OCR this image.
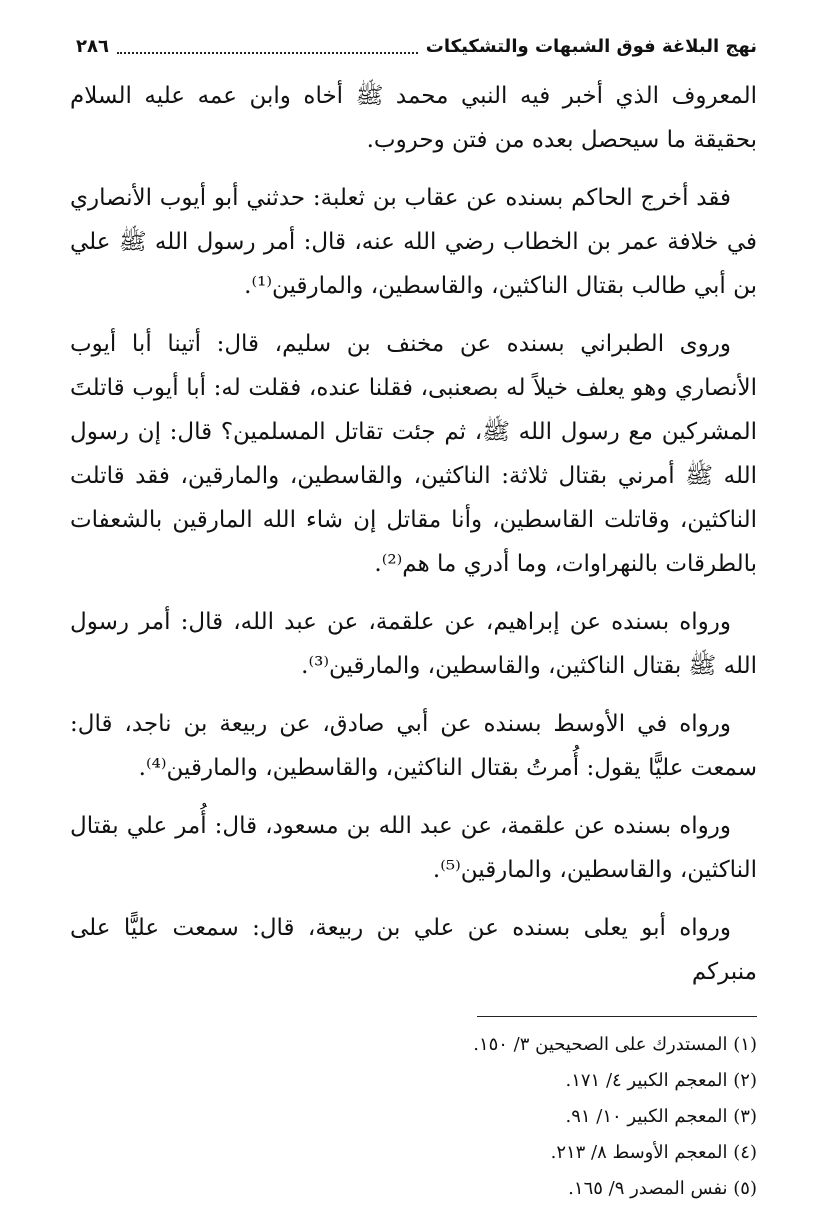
نهج البلاغة فوق الشبهات والتشكيكات
٢٨٦

المعروف الذي أخبر فيه النبي محمد ﷺ أخاه وابن عمه عليه السلام بحقيقة ما سيحصل بعده من فتن وحروب.

فقد أخرج الحاكم بسنده عن عقاب بن ثعلبة: حدثني أبو أيوب الأنصاري في خلافة عمر بن الخطاب رضي الله عنه، قال: أمر رسول الله ﷺ علي بن أبي طالب بقتال الناكثين، والقاسطين، والمارقين⁽¹⁾.

وروى الطبراني بسنده عن مخنف بن سليم، قال: أتينا أبا أيوب الأنصاري وهو يعلف خيلاً له بصعنبى، فقلنا عنده، فقلت له: أبا أيوب قاتلتَ المشركين مع رسول الله ﷺ، ثم جئت تقاتل المسلمين؟ قال: إن رسول الله ﷺ أمرني بقتال ثلاثة: الناكثين، والقاسطين، والمارقين، فقد قاتلت الناكثين، وقاتلت القاسطين، وأنا مقاتل إن شاء الله المارقين بالشعفات بالطرقات بالنهراوات، وما أدري ما هم⁽²⁾.

ورواه بسنده عن إبراهيم، عن علقمة، عن عبد الله، قال: أمر رسول الله ﷺ بقتال الناكثين، والقاسطين، والمارقين⁽³⁾.

ورواه في الأوسط بسنده عن أبي صادق، عن ربيعة بن ناجد، قال: سمعت عليًّا يقول: أُمرتُ بقتال الناكثين، والقاسطين، والمارقين⁽⁴⁾.

ورواه بسنده عن علقمة، عن عبد الله بن مسعود، قال: أُمر علي بقتال الناكثين، والقاسطين، والمارقين⁽⁵⁾.

ورواه أبو يعلى بسنده عن علي بن ربيعة، قال: سمعت عليًّا على منبركم

(١) المستدرك على الصحيحين ٣/ ١٥٠.
(٢) المعجم الكبير ٤/ ١٧١.
(٣) المعجم الكبير ١٠/ ٩١.
(٤) المعجم الأوسط ٨/ ٢١٣.
(٥) نفس المصدر ٩/ ١٦٥.
